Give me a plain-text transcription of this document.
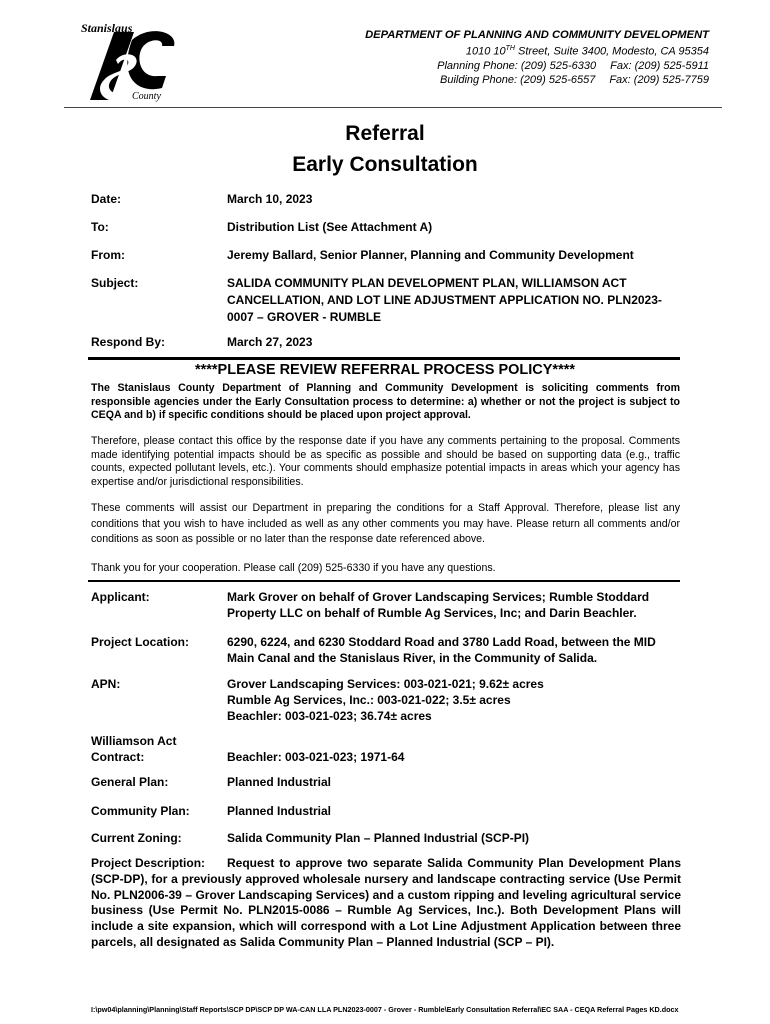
Stanislaus
County
DEPARTMENT OF PLANNING AND COMMUNITY DEVELOPMENT
1010 10TH Street, Suite 3400, Modesto, CA 95354
Planning Phone: (209) 525-6330 Fax: (209) 525-5911
Building Phone: (209) 525-6557 Fax: (209) 525-7759
Referral
Early Consultation
Date:	March 10, 2023
To:	Distribution List (See Attachment A)
From:	Jeremy Ballard, Senior Planner, Planning and Community Development
Subject:	SALIDA COMMUNITY PLAN DEVELOPMENT PLAN, WILLIAMSON ACT CANCELLATION, AND LOT LINE ADJUSTMENT APPLICATION NO. PLN2023-0007 – GROVER - RUMBLE
Respond By:	March 27, 2023
****PLEASE REVIEW REFERRAL PROCESS POLICY****
The Stanislaus County Department of Planning and Community Development is soliciting comments from responsible agencies under the Early Consultation process to determine: a) whether or not the project is subject to CEQA and b) if specific conditions should be placed upon project approval.
Therefore, please contact this office by the response date if you have any comments pertaining to the proposal. Comments made identifying potential impacts should be as specific as possible and should be based on supporting data (e.g., traffic counts, expected pollutant levels, etc.). Your comments should emphasize potential impacts in areas which your agency has expertise and/or jurisdictional responsibilities.
These comments will assist our Department in preparing the conditions for a Staff Approval. Therefore, please list any conditions that you wish to have included as well as any other comments you may have. Please return all comments and/or conditions as soon as possible or no later than the response date referenced above.
Thank you for your cooperation. Please call (209) 525-6330 if you have any questions.
Applicant:	Mark Grover on behalf of Grover Landscaping Services; Rumble Stoddard Property LLC on behalf of Rumble Ag Services, Inc; and Darin Beachler.
Project Location:	6290, 6224, and 6230 Stoddard Road and 3780 Ladd Road, between the MID Main Canal and the Stanislaus River, in the Community of Salida.
APN:	Grover Landscaping Services: 003-021-021; 9.62± acres
Rumble Ag Services, Inc.: 003-021-022; 3.5± acres
Beachler: 003-021-023; 36.74± acres
Williamson Act
Contract:	Beachler: 003-021-023; 1971-64
General Plan:	Planned Industrial
Community Plan:	Planned Industrial
Current Zoning:	Salida Community Plan – Planned Industrial (SCP-PI)
Project Description: Request to approve two separate Salida Community Plan Development Plans (SCP-DP), for a previously approved wholesale nursery and landscape contracting service (Use Permit No. PLN2006-39 – Grover Landscaping Services) and a custom ripping and leveling agricultural service business (Use Permit No. PLN2015-0086 – Rumble Ag Services, Inc.). Both Development Plans will include a site expansion, which will correspond with a Lot Line Adjustment Application between three parcels, all designated as Salida Community Plan – Planned Industrial (SCP – PI).
I:\pw04\planning\Planning\Staff Reports\SCP DP\SCP DP WA-CAN LLA PLN2023-0007 - Grover - Rumble\Early Consultation Referral\EC SAA - CEQA Referral Pages KD.docx
